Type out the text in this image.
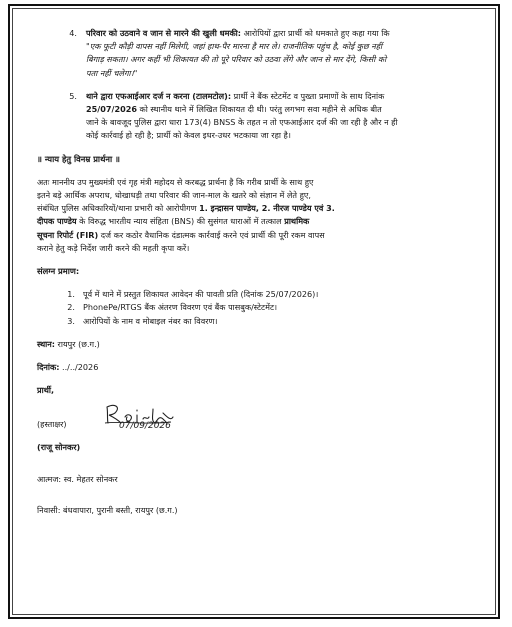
4.	परिवार को उठवाने व जान से मारने की खुली धमकी: आरोपियों द्वारा प्रार्थी को धमकाते हुए कहा गया कि
"एक फूटी कौड़ी वापस नहीं मिलेगी, जहां हाथ-पैर मारना है मार ले। राजनीतिक पहुंच है, कोई कुछ नहीं
बिगाड़ सकता। अगर कहीं भी शिकायत की तो पूरे परिवार को उठवा लेंगे और जान से मार देंगे, किसी को
पता नहीं चलेगा।"
5.	थाने द्वारा एफआईआर दर्ज न करना (टालमटोल): प्रार्थी ने बैंक स्टेटमेंट व पुख्ता प्रमाणों के साथ दिनांक
25/07/2026 को स्थानीय थाने में लिखित शिकायत दी थी। परंतु लगभग सवा महीने से अधिक बीत
जाने के बावजूद पुलिस द्वारा धारा 173(4) BNSS के तहत न तो एफआईआर दर्ज की जा रही है और न ही
कोई कार्रवाई हो रही है; प्रार्थी को केवल इधर-उधर भटकाया जा रहा है।
॥ न्याय हेतु विनम्र प्रार्थना ॥
अतः माननीय उप मुख्यमंत्री एवं गृह मंत्री महोदय से करबद्ध प्रार्थना है कि गरीब प्रार्थी के साथ हुए
इतने बड़े आर्थिक अपराध, धोखाधड़ी तथा परिवार की जान-माल के खतरे को संज्ञान में लेते हुए,
संबंधित पुलिस अधिकारियों/थाना प्रभारी को आरोपीगण 1. इन्द्रासन पाण्डेय, 2. नीरज पाण्डेय एवं 3.
दीपक पाण्डेय के विरुद्ध भारतीय न्याय संहिता (BNS) की सुसंगत धाराओं में तत्काल प्राथमिक
सूचना रिपोर्ट (FIR) दर्ज कर कठोर वैधानिक दंडात्मक कार्रवाई करने एवं प्रार्थी की पूरी रकम वापस
कराने हेतु कड़े निर्देश जारी करने की महती कृपा करें।
संलग्न प्रमाण:
1. पूर्व में थाने में प्रस्तुत शिकायत आवेदन की पावती प्रति (दिनांक 25/07/2026)।
2. PhonePe/RTGS बैंक अंतरण विवरण एवं बैंक पासबुक/स्टेटमेंट।
3. आरोपियों के नाम व मोबाइल नंबर का विवरण।
स्थान: रायपुर (छ.ग.)
दिनांक: ../../2026
प्रार्थी,
(हस्ताक्षर)	07/09/2026
(राजू सोनकर)
आत्मज: स्व. मेहतर सोनकर
निवासी: बंधवापारा, पुरानी बस्ती, रायपुर (छ.ग.)
